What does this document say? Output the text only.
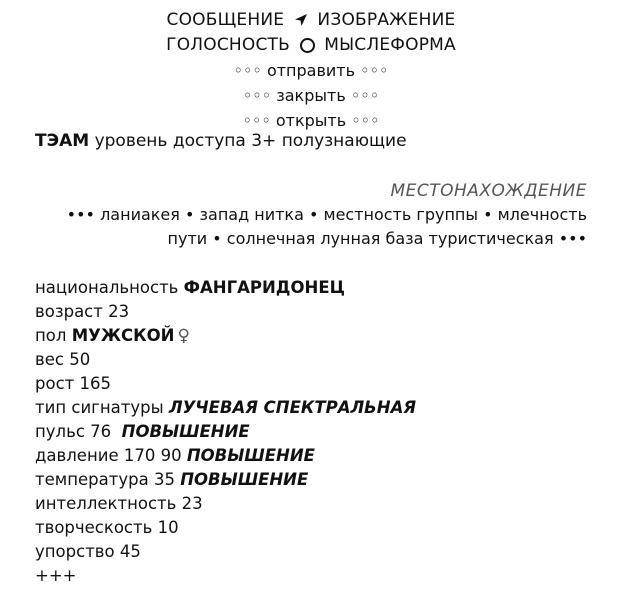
СООБЩЕНИЕ ИЗОБРАЖЕНИЕ
ГОЛОСНОСТЬ МЫСЛЕФОРМА
◦◦◦ отправить ◦◦◦
◦◦◦ закрыть ◦◦◦
◦◦◦ открыть ◦◦◦
ТЭАМ уровень доступа 3+ полузнающие
МЕСТОНАХОЖДЕНИЕ
••• ланиакея • запад нитка • местность группы • млечность
пути • солнечная лунная база туристическая •••
национальность ФАНГАРИДОНЕЦ
возраст 23
пол МУЖСКОЙ ♀
вес 50
рост 165
тип сигнатуры ЛУЧЕВАЯ СПЕКТРАЛЬНАЯ
пульс 76 ПОВЫШЕНИЕ
давление 170 90 ПОВЫШЕНИЕ
температура 35 ПОВЫШЕНИЕ
интеллектность 23
творческость 10
упорство 45
+++
